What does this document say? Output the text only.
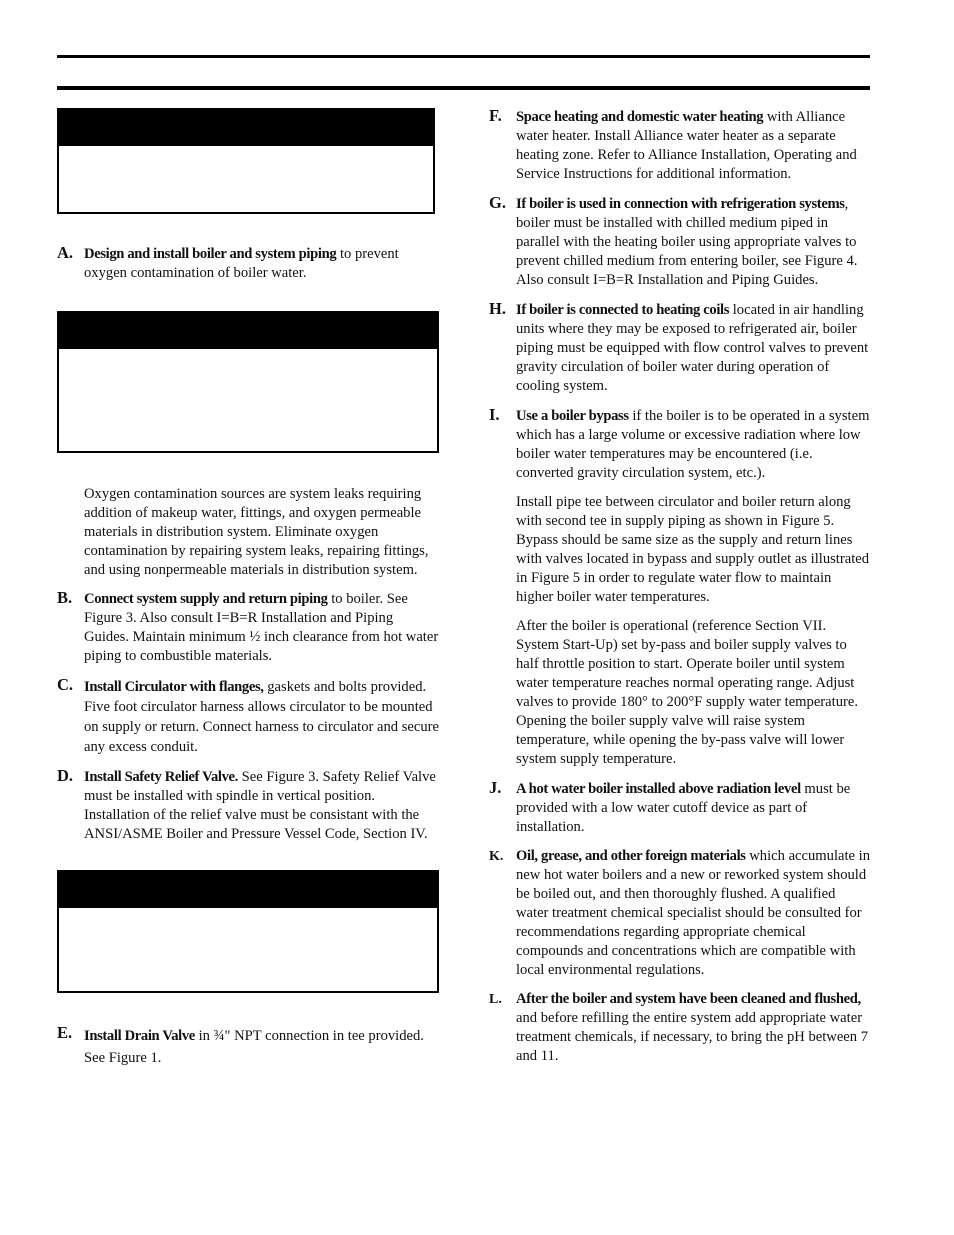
A. Design and install boiler and system piping to prevent oxygen contamination of boiler water.

Oxygen contamination sources are system leaks requiring addition of makeup water, fittings, and oxygen permeable materials in distribution system. Eliminate oxygen contamination by repairing system leaks, repairing fittings, and using nonpermeable materials in distribution system.
B. Connect system supply and return piping to boiler. See Figure 3. Also consult I=B=R Installation and Piping Guides. Maintain minimum ½ inch clearance from hot water piping to combustible materials.

C. Install Circulator with flanges, gaskets and bolts provided. Five foot circulator harness allows circulator to be mounted on supply or return. Connect harness to circulator and secure any excess conduit.

D. Install Safety Relief Valve. See Figure 3. Safety Relief Valve must be installed with spindle in vertical position. Installation of the relief valve must be consistant with the ANSI/ASME Boiler and Pressure Vessel Code, Section IV.

E. Install Drain Valve in ¾" NPT connection in tee provided. See Figure 1.

F. Space heating and domestic water heating with Alliance water heater. Install Alliance water heater as a separate heating zone. Refer to Alliance Installation, Operating and Service Instructions for additional information.

G. If boiler is used in connection with refrigeration systems, boiler must be installed with chilled medium piped in parallel with the heating boiler using appropriate valves to prevent chilled medium from entering boiler, see Figure 4. Also consult I=B=R Installation and Piping Guides.

H. If boiler is connected to heating coils located in air handling units where they may be exposed to refrigerated air, boiler piping must be equipped with flow control valves to prevent gravity circulation of boiler water during operation of cooling system.

I. Use a boiler bypass if the boiler is to be operated in a system which has a large volume or excessive radiation where low boiler water temperatures may be encountered (i.e. converted gravity circulation system, etc.).

Install pipe tee between circulator and boiler return along with second tee in supply piping as shown in Figure 5. Bypass should be same size as the supply and return lines with valves located in bypass and supply outlet as illustrated in Figure 5 in order to regulate water flow to maintain higher boiler water temperatures.

After the boiler is operational (reference Section VII. System Start-Up) set by-pass and boiler supply valves to half throttle position to start. Operate boiler until system water temperature reaches normal operating range. Adjust valves to provide 180° to 200°F supply water temperature. Opening the boiler supply valve will raise system temperature, while opening the by-pass valve will lower system supply temperature.

J. A hot water boiler installed above radiation level must be provided with a low water cutoff device as part of installation.

K. Oil, grease, and other foreign materials which accumulate in new hot water boilers and a new or reworked system should be boiled out, and then thoroughly flushed. A qualified water treatment chemical specialist should be consulted for recommendations regarding appropriate chemical compounds and concentrations which are compatible with local environmental regulations.

L. After the boiler and system have been cleaned and flushed, and before refilling the entire system add appropriate water treatment chemicals, if necessary, to bring the pH between 7 and 11.
